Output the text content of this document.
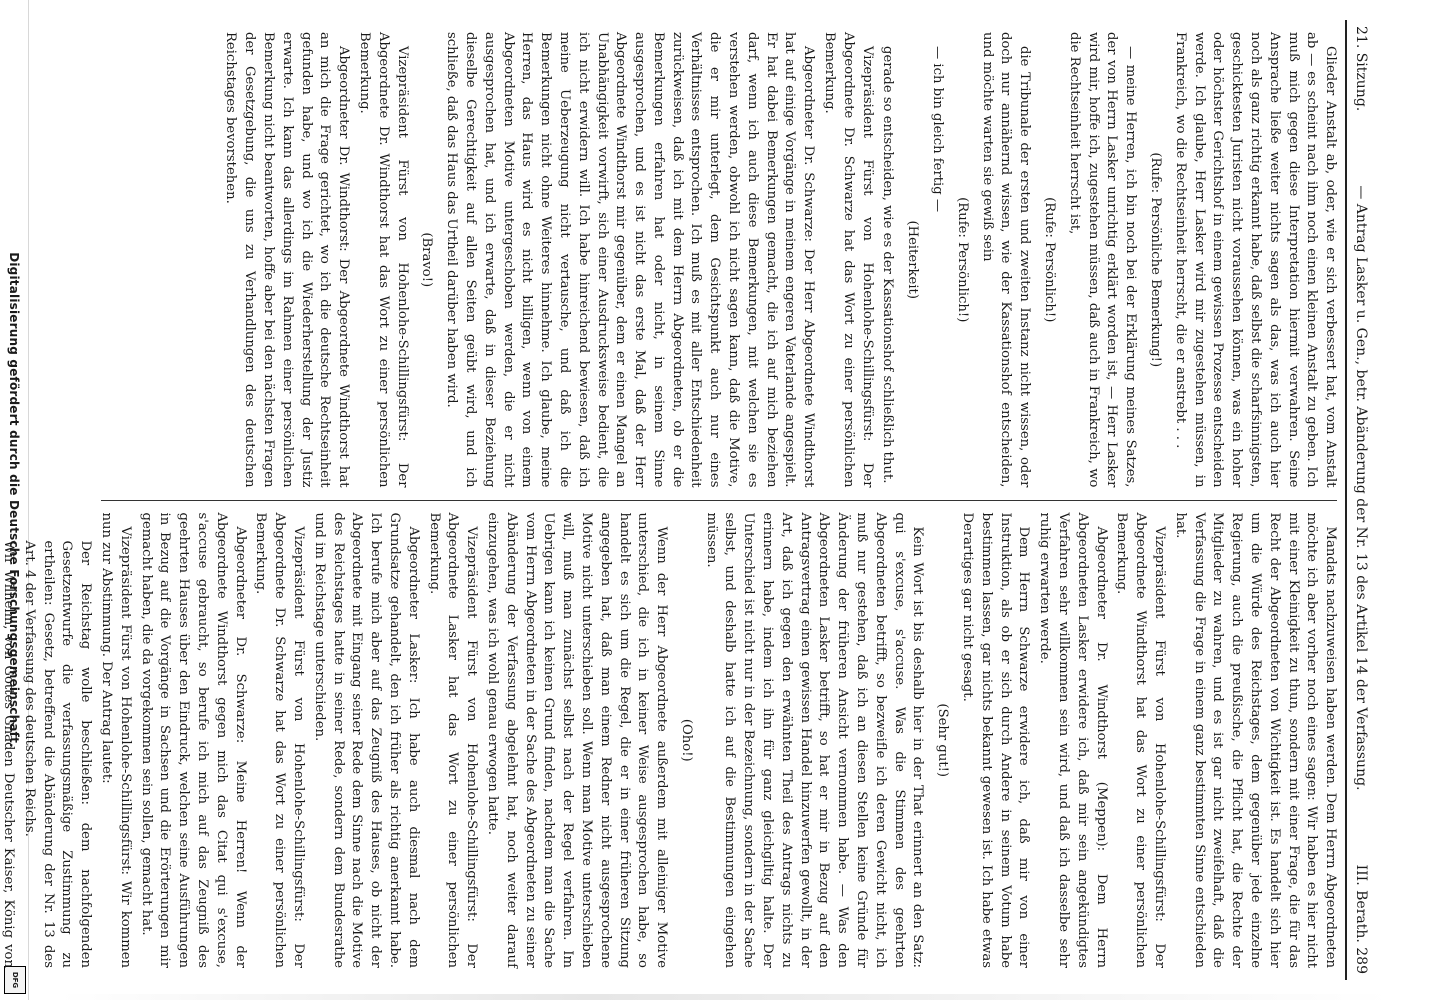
Digitalisierung gefördert durch die Deutsche Forschungsgemeinschaft.
DFG
21. Sitzung.
— Antrag Lasker u. Gen., betr. Abänderung der Nr. 13 des Artikel 14 der Verfassung.
III. Berath. 289

Glieder Anstalt ab, oder, wie er sich verbessert hat, vom Anstalt ab — es scheint nach ihm noch einen kleinen Anstalt zu geben. Ich muß mich gegen diese Interpretation hiermit verwahren. Seine Ansprache ließe weiter nichts sagen als das, was ich auch hier noch als ganz richtig erkannt habe, daß selbst die scharfsinnigsten, geschicktesten Juristen nicht voraussehen können, was ein hoher oder höchster Gerichtshof in einem gewissen Prozesse entscheiden werde. Ich glaube, Herr Lasker wird mir zugestehen müssen, in Frankreich, wo die Rechtseinheit herrscht, die er anstrebt . . .

(Rufe: Persönliche Bemerkung!)

— meine Herren, ich bin noch bei der Erklärung meines Satzes, der von Herrn Lasker unrichtig erklärt worden ist, — Herr Lasker wird mir, hoffe ich, zugestehen müssen, daß auch in Frankreich, wo die Rechtseinheit herrscht ist,

(Rufe: Persönlich!)

die Tribunale der ersten und zweiten Instanz nicht wissen, oder doch nur annähernd wissen, wie der Kassationshof entscheiden, und möchte warten sie gewiß sein

(Rufe: Persönlich!)

— ich bin gleich fertig —

(Heiterkeit)

gerade so entscheiden, wie es der Kassationshof schließlich thut.

Vizepräsident Fürst von Hohenlohe-Schillingsfürst: Der Abgeordnete Dr. Schwarze hat das Wort zu einer persönlichen Bemerkung.

Abgeordneter Dr. Schwarze: Der Herr Abgeordnete Windthorst hat auf einige Vorgänge in meinem engeren Vaterlande angespielt. Er hat dabei Bemerkungen gemacht, die ich auf mich beziehen darf, wenn ich auch diese Bemerkungen, mit welchen sie es verstehen werden, obwohl ich nicht sagen kann, daß die Motive, die er mir unterlegt, dem Gesichtspunkt auch nur eines Verhältnisses entsprochen. Ich muß es mit aller Entschiedenheit zurückweisen, daß ich mit dem Herrn Abgeordneten, ob er die Bemerkungen erfahren hat oder nicht, in seinem Sinne ausgesprochen, und es ist nicht das erste Mal, daß der Herr Abgeordnete Windthorst mir gegenüber, dem er einen Mangel an Unabhängigkeit vorwirft, sich einer Ausdrucksweise bedient, die ich nicht erwidern will. Ich habe hinreichend bewiesen, daß ich meine Ueberzeugung nicht vertausche, und daß ich die Bemerkungen nicht ohne Weiteres hinnehme. Ich glaube, meine Herren, das Haus wird es nicht billigen, wenn von einem Abgeordneten Motive untergeschoben werden, die er nicht ausgesprochen hat, und ich erwarte, daß in dieser Beziehung dieselbe Gerechtigkeit auf allen Seiten geübt wird, und ich schließe, daß das Haus das Urtheil darüber haben wird.

(Bravo!)

Vizepräsident Fürst von Hohenlohe-Schillingsfürst: Der Abgeordnete Dr. Windthorst hat das Wort zu einer persönlichen Bemerkung.

Abgeordneter Dr. Windthorst: Der Abgeordnete Windthorst hat an mich die Frage gerichtet, wo ich die deutsche Rechtseinheit gefunden habe, und wo ich die Wiederherstellung der Justiz erwarte. Ich kann das allerdings im Rahmen einer persönlichen Bemerkung nicht beantworten, hoffe aber bei den nächsten Fragen der Gesetzgebung, die uns zu Verhandlungen des deutschen Reichstages bevorstehen.

Mandats nachzuweisen haben werden. Dem Herrn Abgeordneten möchte ich aber vorher noch eines sagen: Wir haben es hier nicht mit einer Kleinigkeit zu thun, sondern mit einer Frage, die für das Recht der Abgeordneten von Wichtigkeit ist. Es handelt sich hier um die Würde des Reichstages, dem gegenüber jede einzelne Regierung, auch die preußische, die Pflicht hat, die Rechte der Mitglieder zu wahren, und es ist gar nicht zweifelhaft, daß die Verfassung die Frage in einem ganz bestimmten Sinne entschieden hat.

Vizepräsident Fürst von Hohenlohe-Schillingsfürst: Der Abgeordnete Windthorst hat das Wort zu einer persönlichen Bemerkung.

Abgeordneter Dr. Windthorst (Meppen): Dem Herrn Abgeordneten Lasker erwidere ich, daß mir sein angekündigtes Verfahren sehr willkommen sein wird, und daß ich dasselbe sehr ruhig erwarten werde.

Dem Herrn Schwarze erwidere ich, daß mir von einer Instruktion, als ob er sich durch Andere in seinem Votum habe bestimmen lassen, gar nichts bekannt gewesen ist. Ich habe etwas Derartiges gar nicht gesagt.

(Sehr gut!)

Kein Wort ist bis deshalb hier in der That erinnert an den Satz: qui s'excuse, s'accuse. Was die Stimmen des geehrten Abgeordneten betrifft, so bezweifle ich deren Gewicht nicht, ich muß nur gestehen, daß ich an diesen Stellen keine Gründe für Änderung der früheren Ansicht vernommen habe. — Was den Abgeordneten Lasker betrifft, so hat er mir in Bezug auf den Antragsvertrag einen gewissen Handel hinzuwerfen gewollt, in der Art, daß ich gegen den erwähnten Theil des Antrags nichts zu erinnern habe, indem ich ihn für ganz gleichgiltig halte. Der Unterschied ist nicht nur in der Bezeichnung, sondern in der Sache selbst, und deshalb hatte ich auf die Bestimmungen eingehen müssen.

(Oho!)

Wenn der Herr Abgeordnete außerdem mit alleiniger Motive unterschied, die ich in keiner Weise ausgesprochen habe, so handelt es sich um die Regel, die er in einer früheren Sitzung angegeben hat, daß man einem Redner nicht ausgesprochene Motive nicht unterschieben soll. Wenn man Motive unterschieben will, muß man zunächst selbst nach der Regel verfahren. Im Uebrigen kann ich keinen Grund finden, nachdem man die Sache vom Herrn Abgeordneten in der Sache des Abgeordneten zu seiner Abänderung der Verfassung abgelehnt hat, noch weiter darauf einzugehen, was ich wohl genau erwogen hatte.

Vizepräsident Fürst von Hohenlohe-Schillingsfürst: Der Abgeordnete Lasker hat das Wort zu einer persönlichen Bemerkung.

Abgeordneter Lasker: Ich habe auch diesmal nach dem Grundsatze gehandelt, den ich früher als richtig anerkannt habe. Ich berufe mich aber auf das Zeugniß des Hauses, ob nicht der Abgeordnete mit Eingang seiner Rede dem Sinne nach die Motive des Reichstages hatte in seiner Rede, sondern dem Bundesrathe und im Reichstage unterschieden.

Vizepräsident Fürst von Hohenlohe-Schillingsfürst: Der Abgeordnete Dr. Schwarze hat das Wort zu einer persönlichen Bemerkung.

Abgeordneter Dr. Schwarze: Meine Herren! Wenn der Abgeordnete Windthorst gegen mich das Citat qui s'excuse, s'accuse gebraucht, so berufe ich mich auf das Zeugniß des geehrten Hauses über den Eindruck, welchen seine Ausführungen in Bezug auf die Vorgänge in Sachsen und die Erörterungen mir gemacht haben, die da vorgekommen sein sollen, gemacht hat.

Vizepräsident Fürst von Hohenlohe-Schillingsfürst: Wir kommen nun zur Abstimmung. Der Antrag lautet:

Der Reichstag wolle beschließen: dem nachfolgenden Gesetzentwurfe die verfassungsmäßige Zustimmung zu ertheilen: Gesetz, betreffend die Abänderung der Nr. 13 des Art. 4 der Verfassung des deutschen Reichs.

Wir Wilhelm, von Gottes Gnaden Deutscher Kaiser, König von
